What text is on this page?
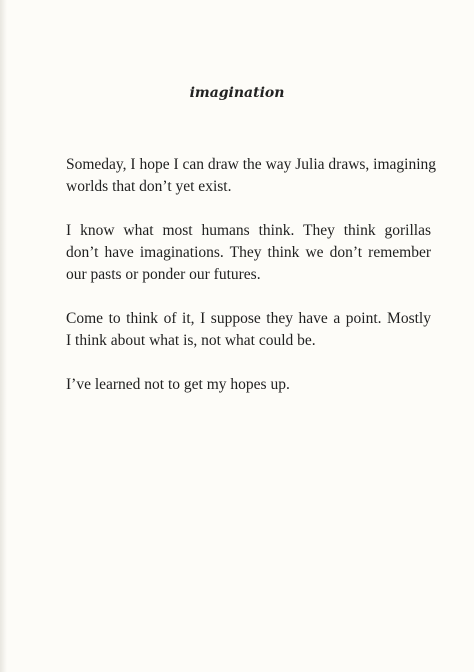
imagination

Someday, I hope I can draw the way Julia draws, imagining
worlds that don’t yet exist.

I know what most humans think. They think gorillas
don’t have imaginations. They think we don’t remember
our pasts or ponder our futures.

Come to think of it, I suppose they have a point. Mostly
I think about what is, not what could be.

I’ve learned not to get my hopes up.
